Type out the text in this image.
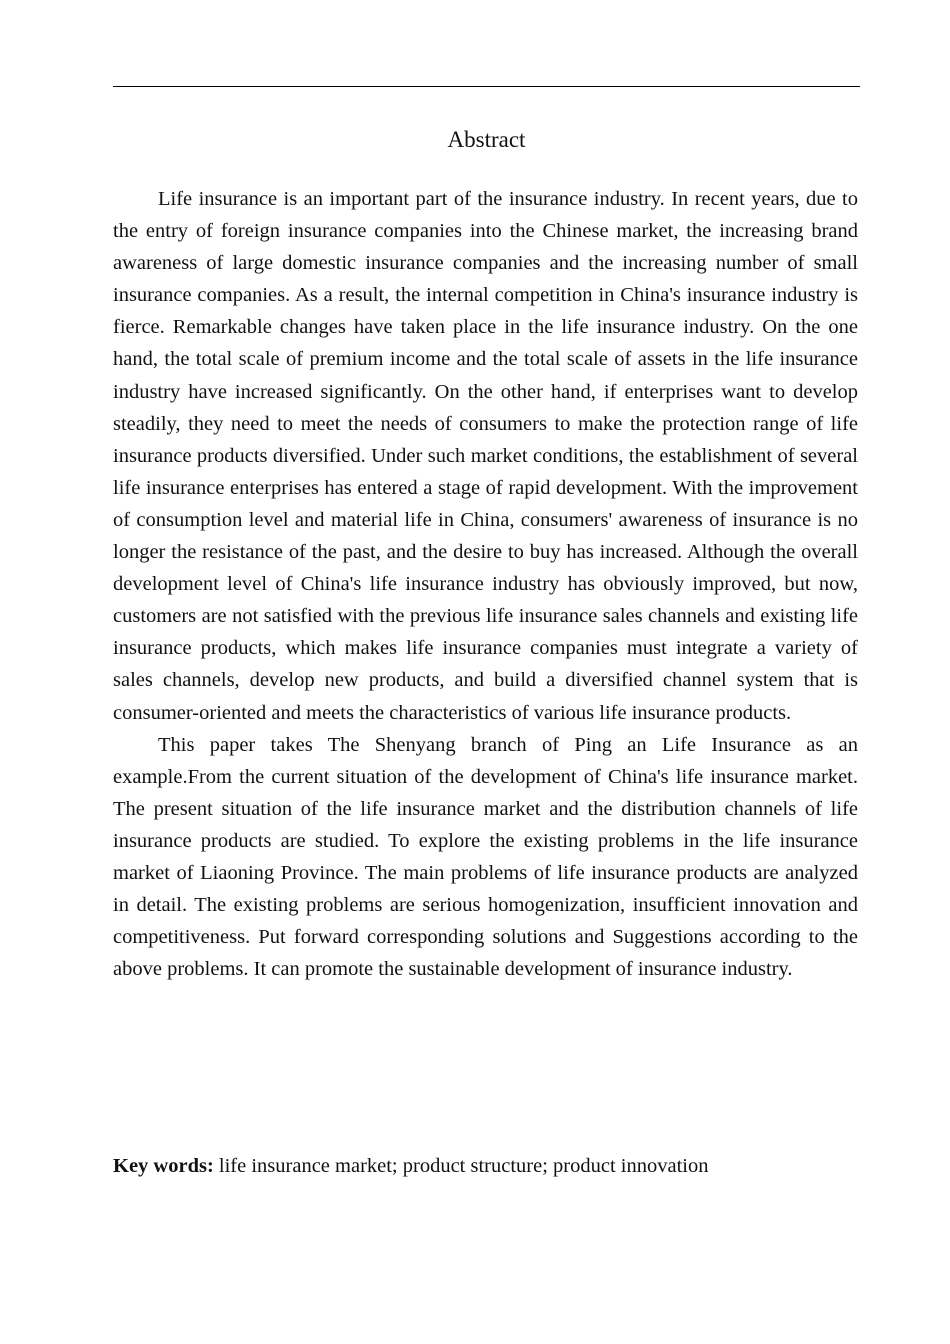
Abstract

Life insurance is an important part of the insurance industry. In recent years, due to the entry of foreign insurance companies into the Chinese market, the increasing brand awareness of large domestic insurance companies and the increasing number of small insurance companies. As a result, the internal competition in China's insurance industry is fierce. Remarkable changes have taken place in the life insurance industry. On the one hand, the total scale of premium income and the total scale of assets in the life insurance industry have increased significantly. On the other hand, if enterprises want to develop steadily, they need to meet the needs of consumers to make the protection range of life insurance products diversified. Under such market conditions, the establishment of several life insurance enterprises has entered a stage of rapid development. With the improvement of consumption level and material life in China, consumers' awareness of insurance is no longer the resistance of the past, and the desire to buy has increased. Although the overall development level of China's life insurance industry has obviously improved, but now, customers are not satisfied with the previous life insurance sales channels and existing life insurance products, which makes life insurance companies must integrate a variety of sales channels, develop new products, and build a diversified channel system that is consumer-oriented and meets the characteristics of various life insurance products.

This paper takes The Shenyang branch of Ping an Life Insurance as an example.From the current situation of the development of China's life insurance market. The present situation of the life insurance market and the distribution channels of life insurance products are studied. To explore the existing problems in the life insurance market of Liaoning Province. The main problems of life insurance products are analyzed in detail. The existing problems are serious homogenization, insufficient innovation and competitiveness. Put forward corresponding solutions and Suggestions according to the above problems. It can promote the sustainable development of insurance industry.

Key words: life insurance market; product structure; product innovation
